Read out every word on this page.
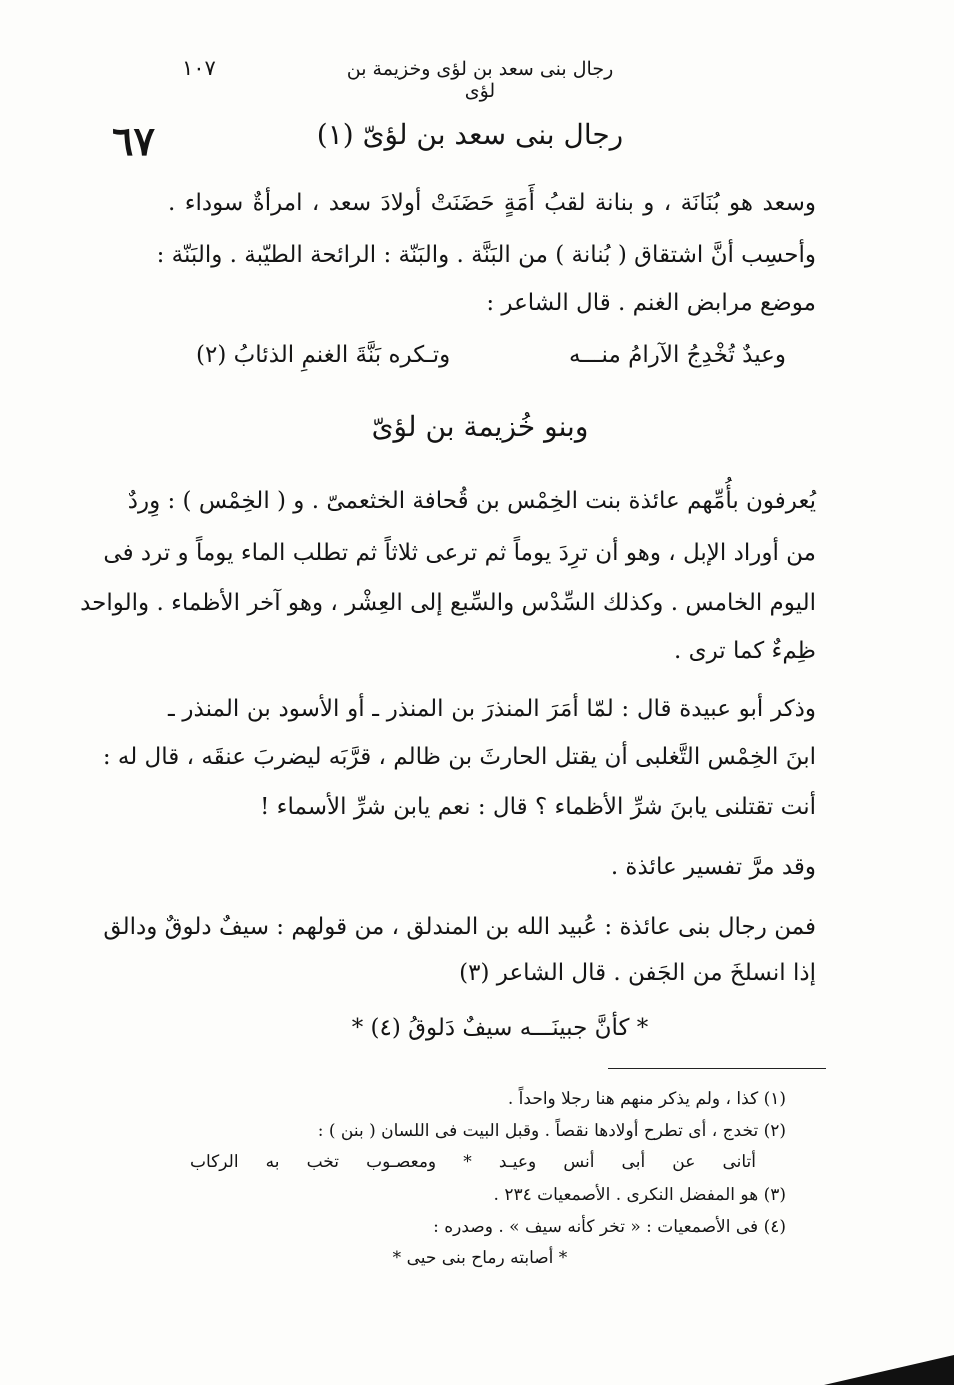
رجال بنى سعد بن لؤى وخزيمة بن لؤى
١٠٧
٦٧	رجال بنى سعد بن لؤىّ (١)
وسعد هو بُنَانَة ، و بنانة لقبُ أَمَةٍ حَضَنَتْ أولادَ سعد ، امرأةٌ سوداء .
وأحسِب أنَّ اشتقاق ( بُنانة ) من البَنَّة . والبَنّة : الرائحة الطيّبة . والبَنّة :
موضع مرابض الغنم . قال الشاعر :
وعيدٌ تُخْدِجُ الآرامُ منـــه
وتـكره بَنَّةَ الغنمِ الذئابُ (٢)
وبنو خُزيمة بن لؤىّ
يُعرفون بأُمِّهم عائذة بنت الخِمْس بن قُحافة الخثعمىّ . و ( الخِمْس ) : وِردٌ
من أوراد الإبل ، وهو أن ترِدَ يوماً ثم ترعى ثلاثاً ثم تطلب الماء يوماً و ترد فى
اليوم الخامس . وكذلك السِّدْس والسِّبع إلى العِشْر ، وهو آخر الأظماء . والواحد
ظِمءٌ كما ترى .
وذكر أبو عبيدة قال : لمّا أمَرَ المنذرَ بن المنذر ـ أو الأسود بن المنذر ـ
ابنَ الخِمْس التَّغلبى أن يقتل الحارثَ بن ظالم ، قرَّبَه ليضربَ عنقَه ، قال له :
أنت تقتلنى يابنَ شرِّ الأظماء ؟ قال : نعم يابن شرِّ الأسماء !
وقد مرَّ تفسير عائذة .
فمن رجال بنى عائذة : عُبيد الله بن المندلق ، من قولهم : سيفٌ دلوقٌ ودالق
إذا انسلخَ من الجَفن . قال الشاعر (٣)
* كأنَّ جبينَـــه سيفٌ دَلوقُ (٤) *
(١) كذا ، ولم يذكر منهم هنا رجلا واحداً .
(٢) تخدج ، أى تطرح أولادها نقصاً . وقبل البيت فى اللسان ( بنن ) :
أتانى عن أبى أنس وعيـد * ومعصـوب تخب به الركاب
(٣) هو المفضل النكرى . الأصمعيات ٢٣٤ .
(٤) فى الأصمعيات : « تخر كأنه سيف » . وصدره :
* أصابته رماح بنى حيى *
